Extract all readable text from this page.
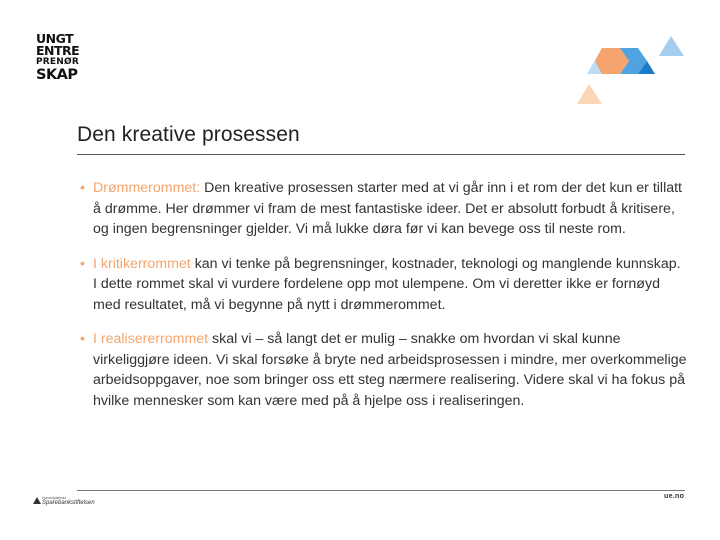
UNGT
ENTRE
PRENØR
SKAP
Den kreative prosessen
• Drømmerommet: Den kreative prosessen starter med at vi går inn i et rom der det kun er tillatt å drømme. Her drømmer vi fram de mest fantastiske ideer. Det er absolutt forbudt å kritisere, og ingen begrensninger gjelder. Vi må lukke døra før vi kan bevege oss til neste rom.
• I kritikerrommet kan vi tenke på begrensninger, kostnader, teknologi og manglende kunnskap. I dette rommet skal vi vurdere fordelene opp mot ulempene. Om vi deretter ikke er fornøyd med resultatet, må vi begynne på nytt i drømmerommet.
• I realisererrommet skal vi – så langt det er mulig – snakke om hvordan vi skal kunne virkeliggjøre ideen. Vi skal forsøke å bryte ned arbeidsprosessen i mindre, mer overkommelige arbeidsoppgaver, noe som bringer oss ett steg nærmere realisering. Videre skal vi ha fokus på hvilke mennesker som kan være med på å hjelpe oss i realiseringen.
Hovedpartner
Sparebankstiftelsen
ue.no
